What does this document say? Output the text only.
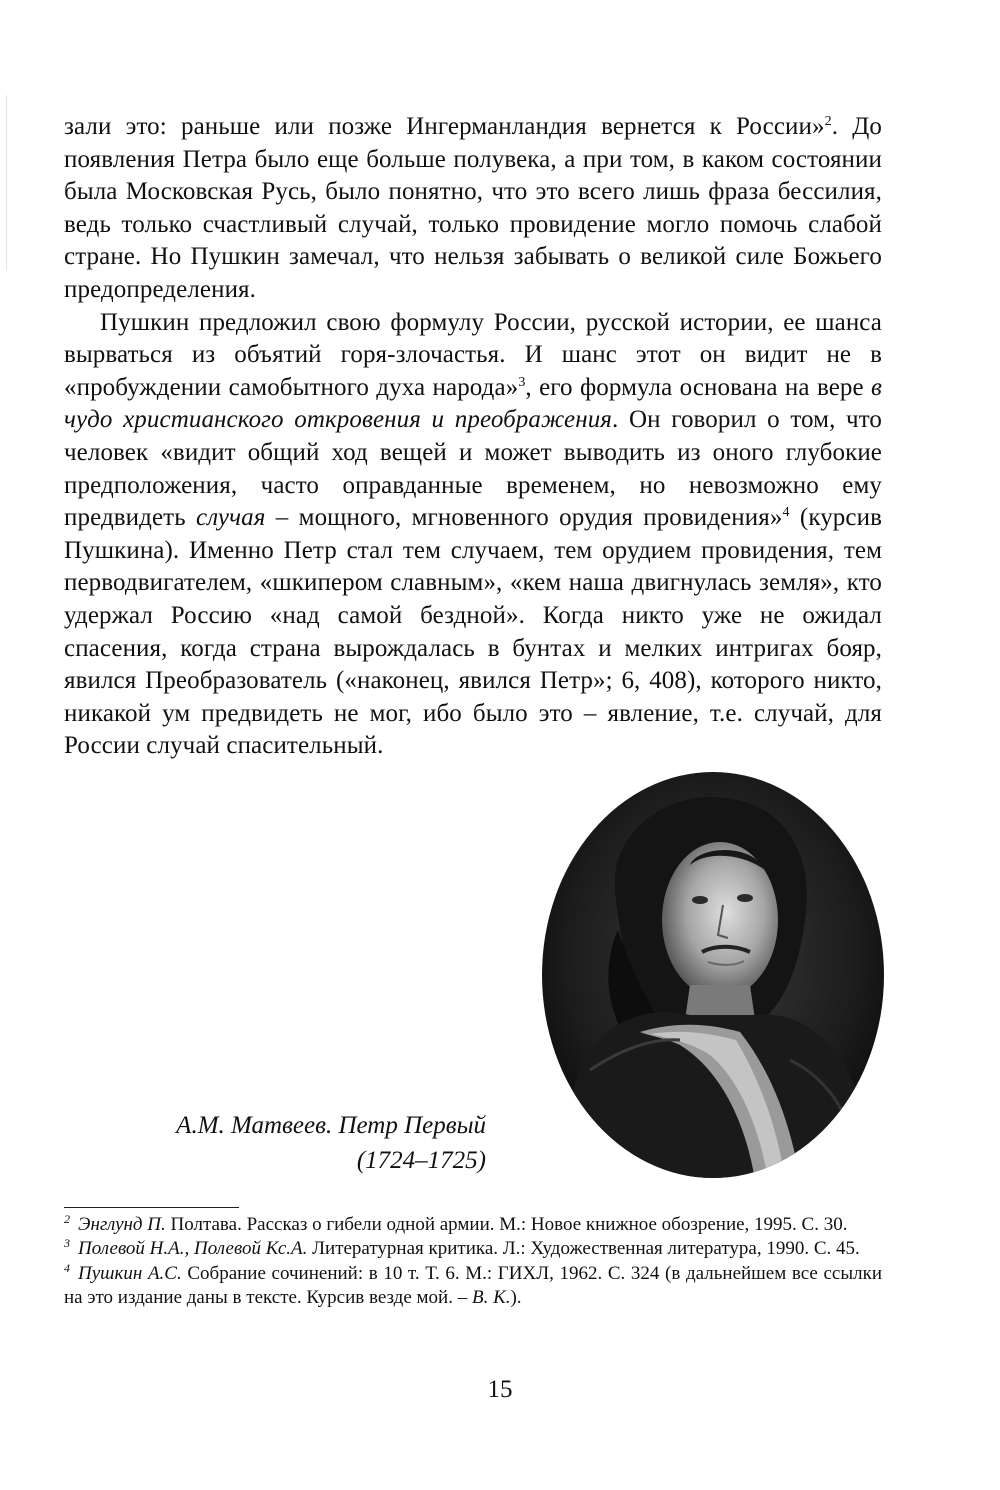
зали это: раньше или позже Ингерманландия вернется к России»$^2$. До появления Петра было еще больше полувека, а при том, в каком состоянии была Московская Русь, было понятно, что это всего лишь фраза бессилия, ведь только счастливый случай, только провидение могло помочь слабой стране. Но Пушкин замечал, что нельзя забывать о великой силе Божьего предопределения.

Пушкин предложил свою формулу России, русской истории, ее шанса вырваться из объятий горя-злочастья. И шанс этот он видит не в «пробуждении самобытного духа народа»$^3$, его формула основана на вере в чудо христианского откровения и преображения. Он говорил о том, что человек «видит общий ход вещей и может выводить из оного глубокие предположения, часто оправданные временем, но невозможно ему предвидеть случая – мощного, мгновенного орудия провидения»$^4$ (курсив Пушкина). Именно Петр стал тем случаем, тем орудием провидения, тем перводвигателем, «шкипером славным», «кем наша двигнулась земля», кто удержал Россию «над самой бездной». Когда никто уже не ожидал спасения, когда страна вырождалась в бунтах и мелких интригах бояр, явился Преобразователь («наконец, явился Петр»; 6, 408), которого никто, никакой ум предвидеть не мог, ибо было это – явление, т.е. случай, для России случай спасительный.

А.М. Матвеев. Петр Первый
(1724–1725)

$^2$ Энглунд П. Полтава. Рассказ о гибели одной армии. М.: Новое книжное обозрение, 1995. С. 30.

$^3$ Полевой Н.А., Полевой Кс.А. Литературная критика. Л.: Художественная литература, 1990. С. 45.

$^4$ Пушкин А.С. Собрание сочинений: в 10 т. Т. 6. М.: ГИХЛ, 1962. С. 324 (в дальнейшем все ссылки на это издание даны в тексте. Курсив везде мой. – В. К.).

15
